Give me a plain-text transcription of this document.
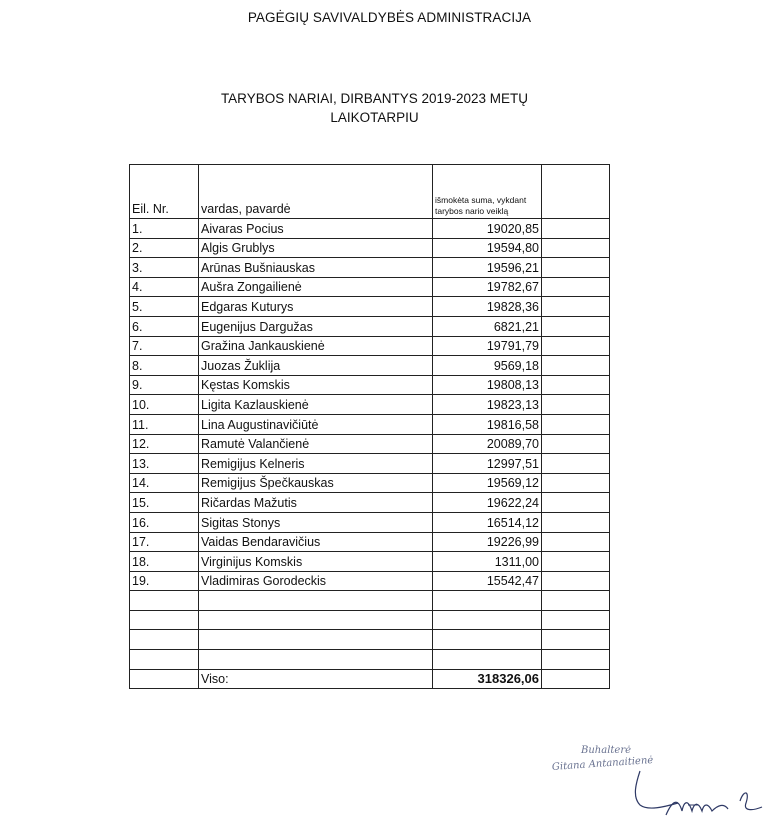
PAGĖGIŲ SAVIVALDYBĖS ADMINISTRACIJA
TARYBOS NARIAI, DIRBANTYS 2019-2023 METŲ
LAIKOTARPIU
Eil. Nr.	vardas, pavardė	išmokėta suma, vykdant tarybos nario veiklą	

1.	Aivaras Pocius	19020,85	
2.	Algis Grublys	19594,80	
3.	Arūnas Bušniauskas	19596,21	
4.	Aušra Zongailienė	19782,67	
5.	Edgaras Kuturys	19828,36	
6.	Eugenijus Dargužas	6821,21	
7.	Gražina Jankauskienė	19791,79	
8.	Juozas Žuklija	9569,18	
9.	Kęstas Komskis	19808,13	
10.	Ligita Kazlauskienė	19823,13	
11.	Lina Augustinavičiūtė	19816,58	
12.	Ramutė Valančienė	20089,70	
13.	Remigijus Kelneris	12997,51	
14.	Remigijus Špečkauskas	19569,12	
15.	Ričardas Mažutis	19622,24	
16.	Sigitas Stonys	16514,12	
17.	Vaidas Bendaravičius	19226,99	
18.	Virginijus Komskis	1311,00	
19.	Vladimiras Gorodeckis	15542,47	

	Viso:	318326,06	
Buhalterė
Gitana Antanaitienė
